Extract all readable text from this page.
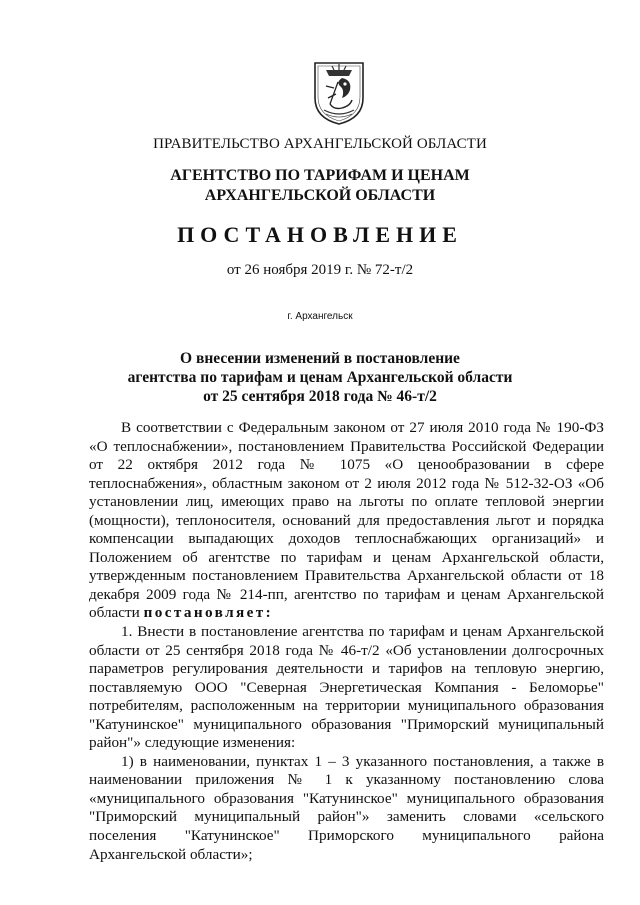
ПРАВИТЕЛЬСТВО АРХАНГЕЛЬСКОЙ ОБЛАСТИ
АГЕНТСТВО ПО ТАРИФАМ И ЦЕНАМ
АРХАНГЕЛЬСКОЙ ОБЛАСТИ
ПОСТАНОВЛЕНИЕ
от 26 ноября 2019 г. № 72-т/2
г. Архангельск
О внесении изменений в постановление
агентства по тарифам и ценам Архангельской области
от 25 сентября 2018 года № 46-т/2

В соответствии с Федеральным законом от 27 июля 2010 года № 190-ФЗ «О теплоснабжении», постановлением Правительства Российской Федерации от 22 октября 2012 года № 1075 «О ценообразовании в сфере теплоснабжения», областным законом от 2 июля 2012 года № 512-32-ОЗ «Об установлении лиц, имеющих право на льготы по оплате тепловой энергии (мощности), теплоносителя, оснований для предоставления льгот и порядка компенсации выпадающих доходов теплоснабжающих организаций» и Положением об агентстве по тарифам и ценам Архангельской области, утвержденным постановлением Правительства Архангельской области от 18 декабря 2009 года № 214-пп, агентство по тарифам и ценам Архангельской области постановляет:

1. Внести в постановление агентства по тарифам и ценам Архангельской области от 25 сентября 2018 года № 46-т/2 «Об установлении долгосрочных параметров регулирования деятельности и тарифов на тепловую энергию, поставляемую ООО "Северная Энергетическая Компания - Беломорье" потребителям, расположенным на территории муниципального образования "Катунинское" муниципального образования "Приморский муниципальный район"» следующие изменения:

1) в наименовании, пунктах 1 – 3 указанного постановления, а также в наименовании приложения № 1 к указанному постановлению слова «муниципального образования "Катунинское" муниципального образования "Приморский муниципальный район"» заменить словами «сельского поселения "Катунинское" Приморского муниципального района Архангельской области»;
